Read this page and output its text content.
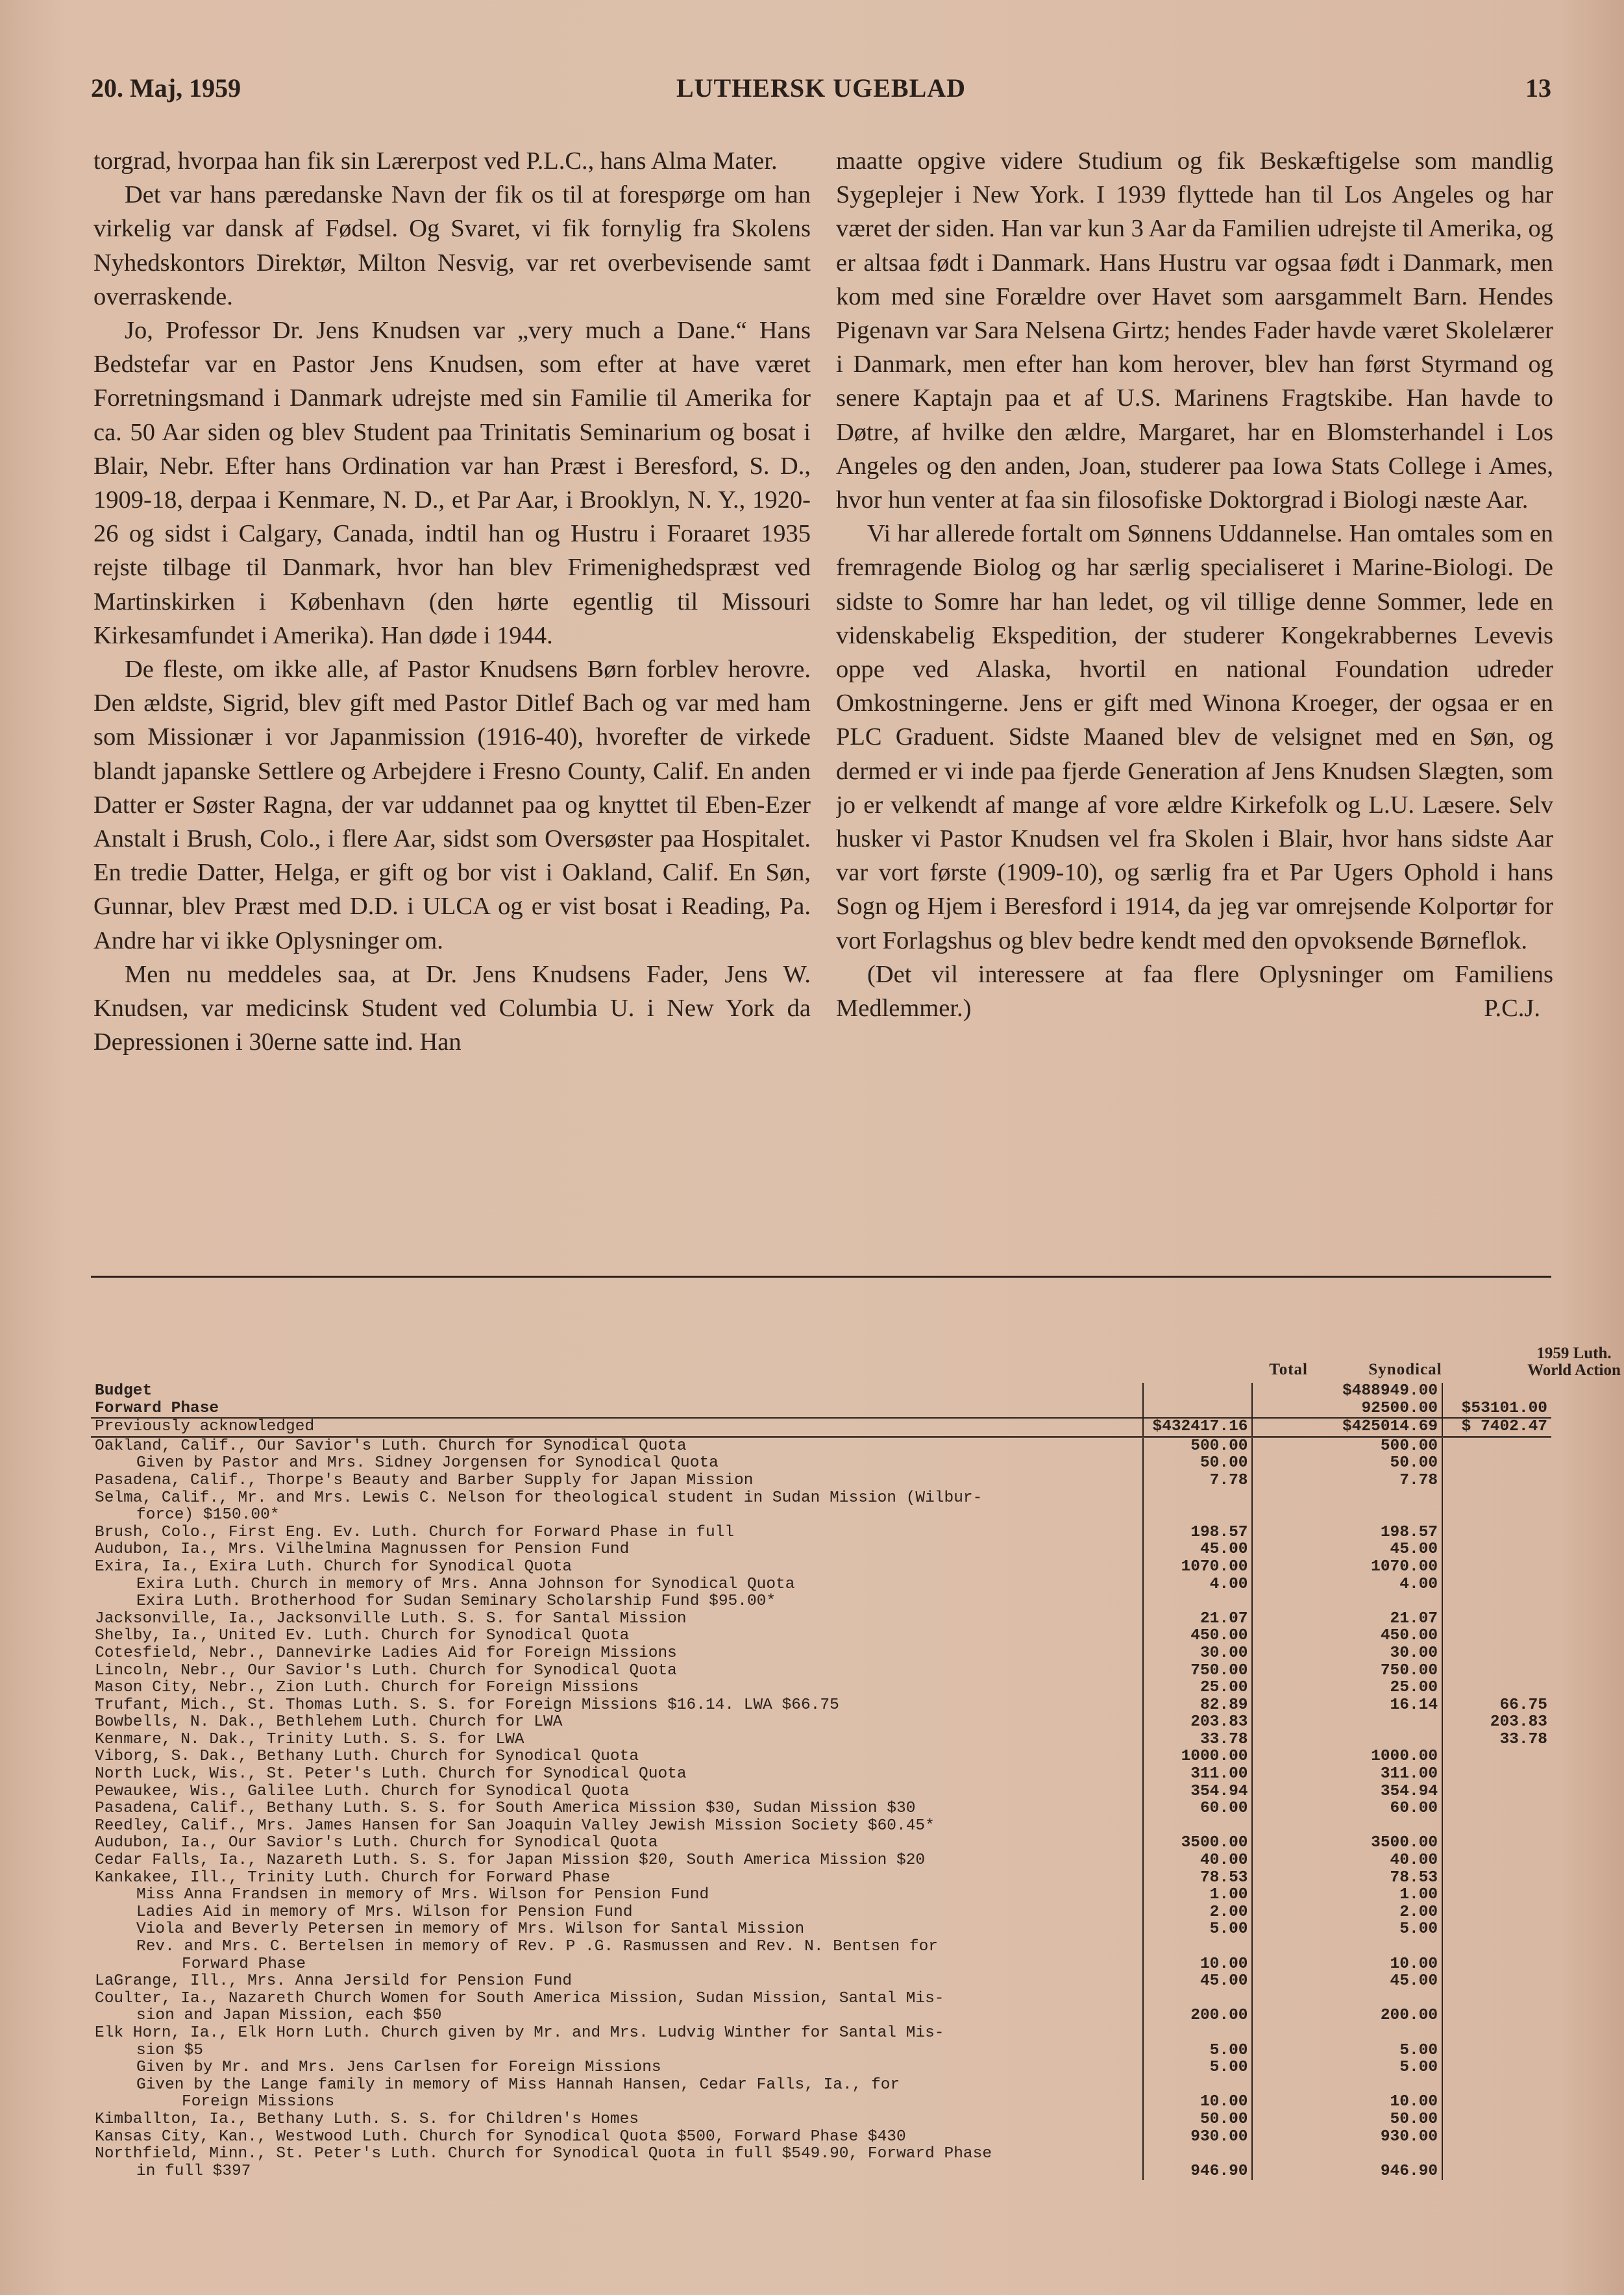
20. Maj, 1959	LUTHERSK UGEBLAD	13

torgrad, hvorpaa han fik sin Lærerpost ved P.L.C., hans Alma Mater.

Det var hans pæredanske Navn der fik os til at forespørge om han virkelig var dansk af Fødsel. Og Svaret, vi fik fornylig fra Skolens Nyhedskontors Direktør, Milton Nesvig, var ret overbevisende samt overraskende.

Jo, Professor Dr. Jens Knudsen var „very much a Dane.“ Hans Bedstefar var en Pastor Jens Knudsen, som efter at have været Forretningsmand i Danmark udrejste med sin Familie til Amerika for ca. 50 Aar siden og blev Student paa Trinitatis Seminarium og bosat i Blair, Nebr. Efter hans Ordination var han Præst i Beresford, S. D., 1909-18, derpaa i Kenmare, N. D., et Par Aar, i Brooklyn, N. Y., 1920-26 og sidst i Calgary, Canada, indtil han og Hustru i Foraaret 1935 rejste tilbage til Danmark, hvor han blev Frimenighedspræst ved Martinskirken i København (den hørte egentlig til Missouri Kirkesamfundet i Amerika). Han døde i 1944.

De fleste, om ikke alle, af Pastor Knudsens Børn forblev herovre. Den ældste, Sigrid, blev gift med Pastor Ditlef Bach og var med ham som Missionær i vor Japanmission (1916-40), hvorefter de virkede blandt japanske Settlere og Arbejdere i Fresno County, Calif. En anden Datter er Søster Ragna, der var uddannet paa og knyttet til Eben-Ezer Anstalt i Brush, Colo., i flere Aar, sidst som Oversøster paa Hospitalet. En tredie Datter, Helga, er gift og bor vist i Oakland, Calif. En Søn, Gunnar, blev Præst med D.D. i ULCA og er vist bosat i Reading, Pa. Andre har vi ikke Oplysninger om.

Men nu meddeles saa, at Dr. Jens Knudsens Fader, Jens W. Knudsen, var medicinsk Student ved Columbia U. i New York da Depressionen i 30erne satte ind. Han

maatte opgive videre Studium og fik Beskæftigelse som mandlig Sygeplejer i New York. I 1939 flyttede han til Los Angeles og har været der siden. Han var kun 3 Aar da Familien udrejste til Amerika, og er altsaa født i Danmark. Hans Hustru var ogsaa født i Danmark, men kom med sine Forældre over Havet som aarsgammelt Barn. Hendes Pigenavn var Sara Nelsena Girtz; hendes Fader havde været Skolelærer i Danmark, men efter han kom herover, blev han først Styrmand og senere Kaptajn paa et af U.S. Marinens Fragtskibe. Han havde to Døtre, af hvilke den ældre, Margaret, har en Blomsterhandel i Los Angeles og den anden, Joan, studerer paa Iowa Stats College i Ames, hvor hun venter at faa sin filosofiske Doktorgrad i Biologi næste Aar.

Vi har allerede fortalt om Sønnens Uddannelse. Han omtales som en fremragende Biolog og har særlig specialiseret i Marine-Biologi. De sidste to Somre har han ledet, og vil tillige denne Sommer, lede en videnskabelig Ekspedition, der studerer Kongekrabbernes Levevis oppe ved Alaska, hvortil en national Foundation udreder Omkostningerne. Jens er gift med Winona Kroeger, der ogsaa er en PLC Graduent. Sidste Maaned blev de velsignet med en Søn, og dermed er vi inde paa fjerde Generation af Jens Knudsen Slægten, som jo er velkendt af mange af vore ældre Kirkefolk og L.U. Læsere. Selv husker vi Pastor Knudsen vel fra Skolen i Blair, hvor hans sidste Aar var vort første (1909-10), og særlig fra et Par Ugers Ophold i hans Sogn og Hjem i Beresford i 1914, da jeg var omrejsende Kolportør for vort Forlagshus og blev bedre kendt med den opvoksende Børneflok.

(Det vil interessere at faa flere Oplysninger om Familiens Medlemmer.)	P.C.J.
Total	Synodical
1959 Luth. World Action
Budget		$488949.00	
Forward Phase		92500.00	$53101.00
Previously acknowledged	$432417.16	$425014.69	$ 7402.47
Oakland, Calif., Our Savior's Luth. Church for Synodical Quota	500.00	500.00	
Given by Pastor and Mrs. Sidney Jorgensen for Synodical Quota	50.00	50.00	
Pasadena, Calif., Thorpe's Beauty and Barber Supply for Japan Mission	7.78	7.78	
Selma, Calif., Mr. and Mrs. Lewis C. Nelson for theological student in Sudan Mission (Wilbur-			
force) $150.00*			
Brush, Colo., First Eng. Ev. Luth. Church for Forward Phase in full	198.57	198.57	
Audubon, Ia., Mrs. Vilhelmina Magnussen for Pension Fund	45.00	45.00	
Exira, Ia., Exira Luth. Church for Synodical Quota	1070.00	1070.00	
Exira Luth. Church in memory of Mrs. Anna Johnson for Synodical Quota	4.00	4.00	
Exira Luth. Brotherhood for Sudan Seminary Scholarship Fund $95.00*			
Jacksonville, Ia., Jacksonville Luth. S. S. for Santal Mission	21.07	21.07	
Shelby, Ia., United Ev. Luth. Church for Synodical Quota	450.00	450.00	
Cotesfield, Nebr., Dannevirke Ladies Aid for Foreign Missions	30.00	30.00	
Lincoln, Nebr., Our Savior's Luth. Church for Synodical Quota	750.00	750.00	
Mason City, Nebr., Zion Luth. Church for Foreign Missions	25.00	25.00	
Trufant, Mich., St. Thomas Luth. S. S. for Foreign Missions $16.14. LWA $66.75	82.89	16.14	66.75
Bowbells, N. Dak., Bethlehem Luth. Church for LWA	203.83		203.83
Kenmare, N. Dak., Trinity Luth. S. S. for LWA	33.78		33.78
Viborg, S. Dak., Bethany Luth. Church for Synodical Quota	1000.00	1000.00	
North Luck, Wis., St. Peter's Luth. Church for Synodical Quota	311.00	311.00	
Pewaukee, Wis., Galilee Luth. Church for Synodical Quota	354.94	354.94	
Pasadena, Calif., Bethany Luth. S. S. for South America Mission $30, Sudan Mission $30	60.00	60.00	
Reedley, Calif., Mrs. James Hansen for San Joaquin Valley Jewish Mission Society $60.45*			
Audubon, Ia., Our Savior's Luth. Church for Synodical Quota	3500.00	3500.00	
Cedar Falls, Ia., Nazareth Luth. S. S. for Japan Mission $20, South America Mission $20	40.00	40.00	
Kankakee, Ill., Trinity Luth. Church for Forward Phase	78.53	78.53	
Miss Anna Frandsen in memory of Mrs. Wilson for Pension Fund	1.00	1.00	
Ladies Aid in memory of Mrs. Wilson for Pension Fund	2.00	2.00	
Viola and Beverly Petersen in memory of Mrs. Wilson for Santal Mission	5.00	5.00	
Rev. and Mrs. C. Bertelsen in memory of Rev. P .G. Rasmussen and Rev. N. Bentsen for			
Forward Phase	10.00	10.00	
LaGrange, Ill., Mrs. Anna Jersild for Pension Fund	45.00	45.00	
Coulter, Ia., Nazareth Church Women for South America Mission, Sudan Mission, Santal Mis-			
sion and Japan Mission, each $50	200.00	200.00	
Elk Horn, Ia., Elk Horn Luth. Church given by Mr. and Mrs. Ludvig Winther for Santal Mis-			
sion $5	5.00	5.00	
Given by Mr. and Mrs. Jens Carlsen for Foreign Missions	5.00	5.00	
Given by the Lange family in memory of Miss Hannah Hansen, Cedar Falls, Ia., for			
Foreign Missions	10.00	10.00	
Kimballton, Ia., Bethany Luth. S. S. for Children's Homes	50.00	50.00	
Kansas City, Kan., Westwood Luth. Church for Synodical Quota $500, Forward Phase $430	930.00	930.00	
Northfield, Minn., St. Peter's Luth. Church for Synodical Quota in full $549.90, Forward Phase			
in full $397	946.90	946.90	
